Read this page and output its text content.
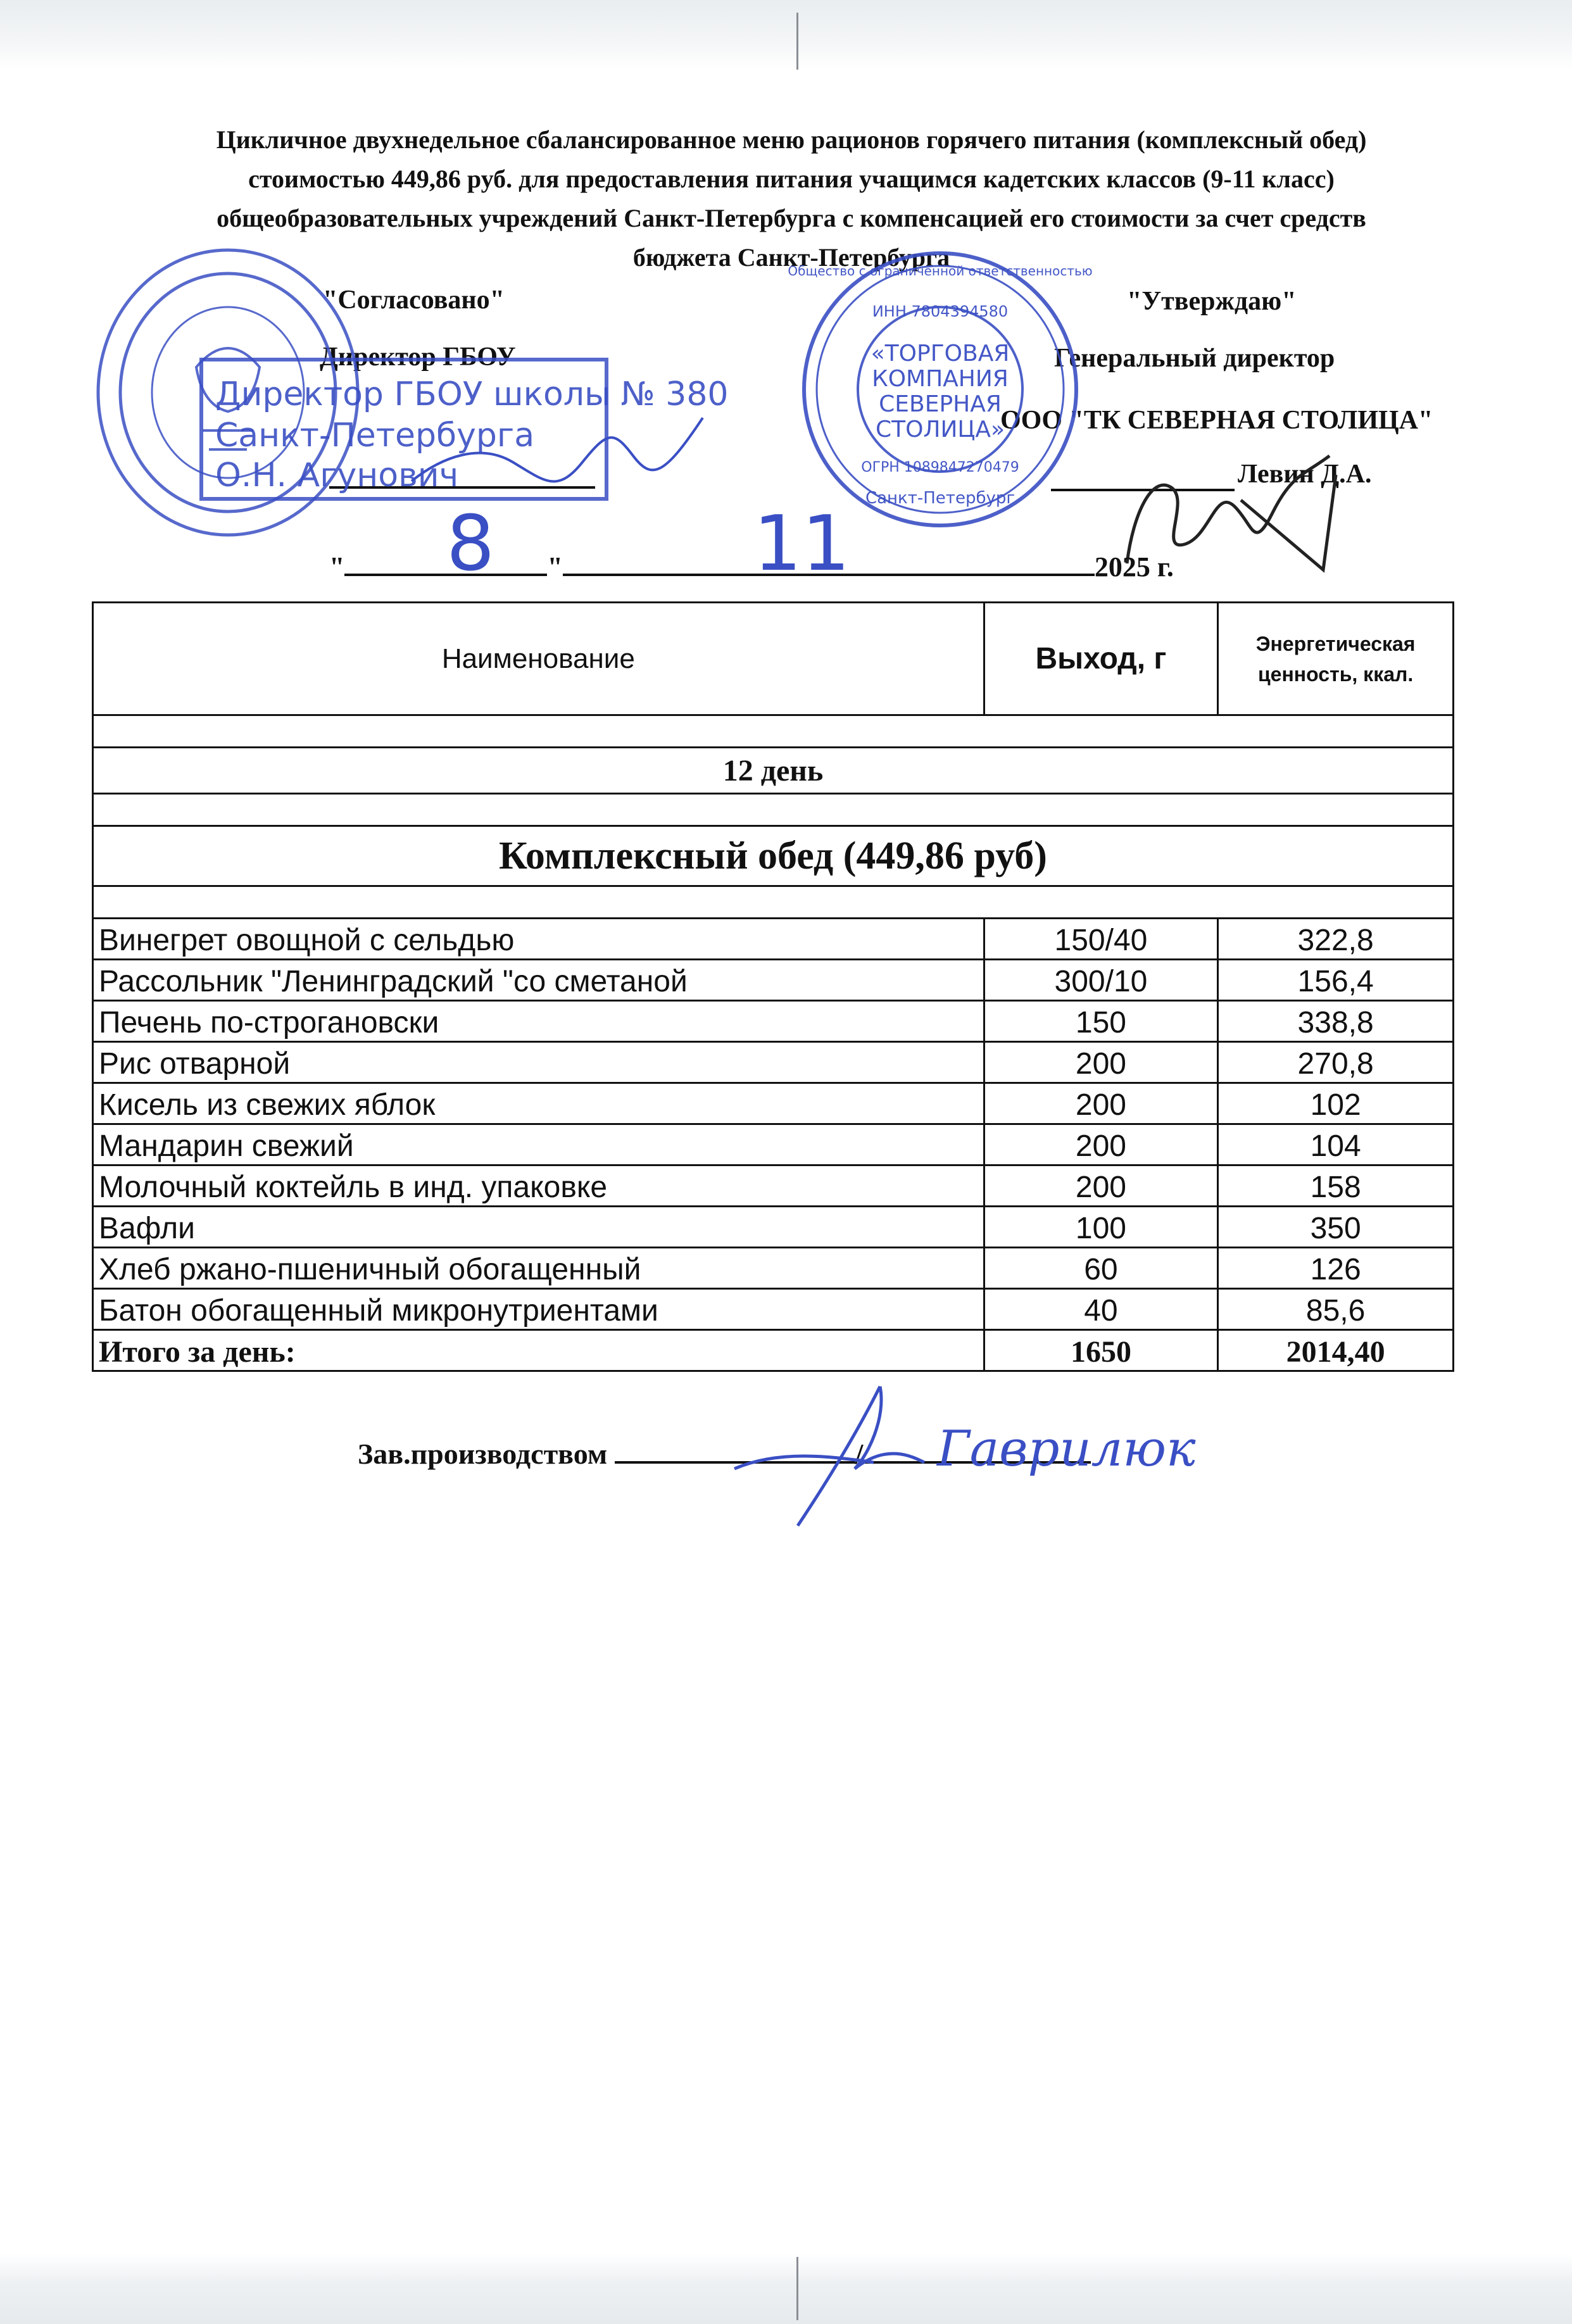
Цикличное двухнедельное сбалансированное меню рационов горячего питания (комплексный обед)
стоимостью 449,86 руб. для предоставления питания учащимся кадетских классов (9-11 класс)
общеобразовательных учреждений Санкт-Петербурга с компенсацией его стоимости за счет средств
бюджета Санкт-Петербурга
"Согласовано"
Директор ГБОУ
"Утверждаю"
Генеральный директор
ООО "ТК СЕВЕРНАЯ СТОЛИЦА"
Левин Д.А.
Директор ГБОУ школы № 380
Санкт-Петербурга
О.Н. Агунович
ИНН 7804394580
«ТОРГОВАЯ
КОМПАНИЯ
СЕВЕРНАЯ
СТОЛИЦА»
ОГРН 1089847270479
Санкт-Петербург
Общество с ограниченной ответственностью
"	"	2025 г.
8	11
Наименование	Выход, г	Энергетическая
ценность, ккал.

12 день		

Комплексный обед (449,86 руб)		

Винегрет овощной с сельдью	150/40	322,8
Рассольник "Ленинградский "со сметаной	300/10	156,4
Печень по-строгановски	150	338,8
Рис отварной	200	270,8
Кисель из свежих яблок	200	102
Мандарин свежий	200	104
Молочный коктейль в инд. упаковке	200	158
Вафли	100	350
Хлеб ржано-пшеничный обогащенный	60	126
Батон обогащенный микронутриентами	40	85,6
Итого за день:	1650	2014,40
Зав.производством	/	Гаврилюк
